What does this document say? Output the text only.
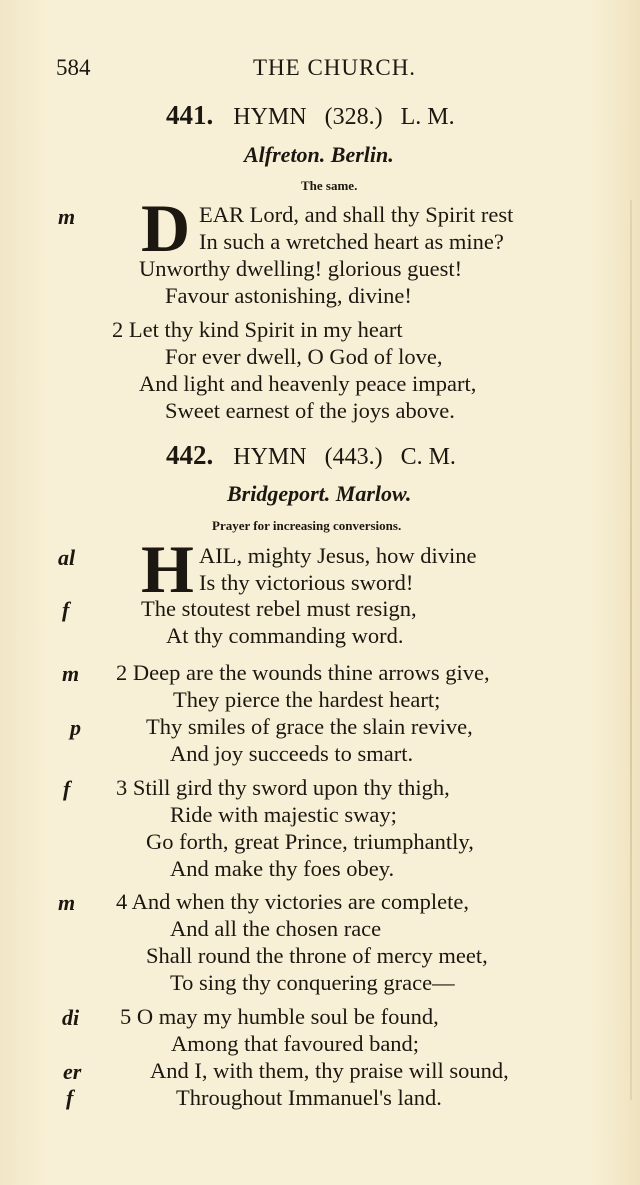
584	THE CHURCH.
441. HYMN (328.) L. M.
Alfreton. Berlin.
The same.
m D EAR Lord, and shall thy Spirit rest
In such a wretched heart as mine?
Unworthy dwelling! glorious guest!
Favour astonishing, divine!
2 Let thy kind Spirit in my heart
For ever dwell, O God of love,
And light and heavenly peace impart,
Sweet earnest of the joys above.
442. HYMN (443.) C. M.
Bridgeport. Marlow.
Prayer for increasing conversions.
al H AIL, mighty Jesus, how divine
Is thy victorious sword!
f	The stoutest rebel must resign,
At thy commanding word.
m 2 Deep are the wounds thine arrows give,
They pierce the hardest heart;
p	Thy smiles of grace the slain revive,
And joy succeeds to smart.
f 3 Still gird thy sword upon thy thigh,
Ride with majestic sway;
Go forth, great Prince, triumphantly,
And make thy foes obey.
m 4 And when thy victories are complete,
And all the chosen race
Shall round the throne of mercy meet,
To sing thy conquering grace—
di 5 O may my humble soul be found,
Among that favoured band;
er	And I, with them, thy praise will sound,
f	Throughout Immanuel's land.
